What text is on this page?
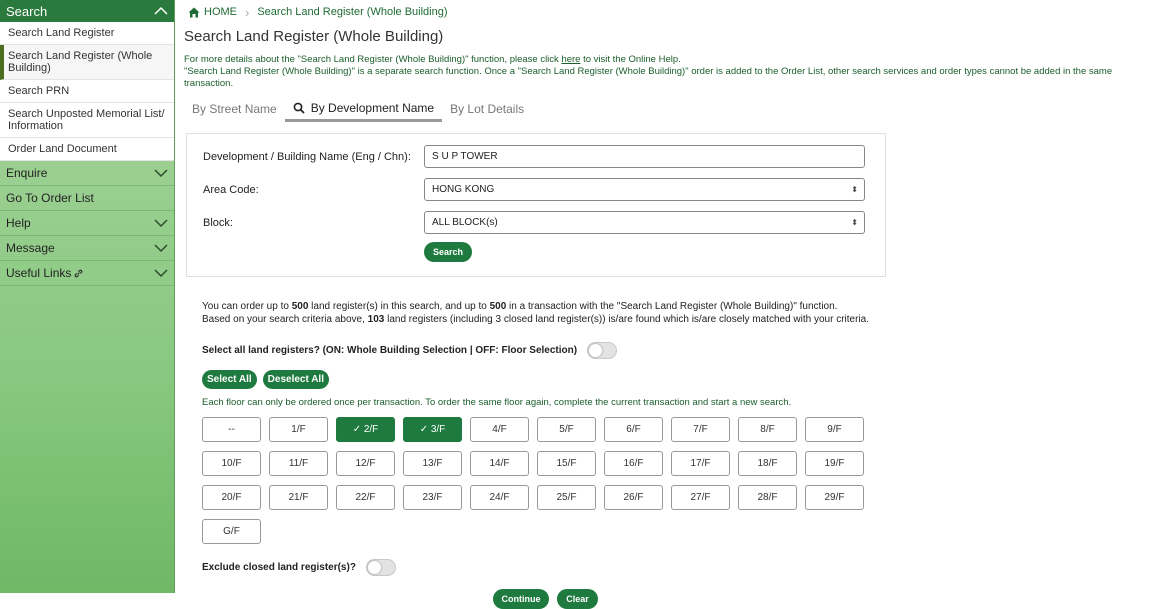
Search
Search Land Register
Search Land Register (Whole Building)
Search PRN
Search Unposted Memorial List/ Information
Order Land Document
Enquire
Go To Order List
Help
Message
Useful Links
HOME › Search Land Register (Whole Building)
Search Land Register (Whole Building)
For more details about the "Search Land Register (Whole Building)" function, please click here to visit the Online Help.
"Search Land Register (Whole Building)" is a separate search function. Once a "Search Land Register (Whole Building)" order is added to the Order List, other search services and order types cannot be added in the same transaction.
By Street Name	By Development Name	By Lot Details
Development / Building Name (Eng / Chn):	S U P TOWER
Area Code:	HONG KONG	⬍
Block:	ALL BLOCK(s)	⬍
Search
You can order up to 500 land register(s) in this search, and up to 500 in a transaction with the "Search Land Register (Whole Building)" function.
Based on your search criteria above, 103 land registers (including 3 closed land register(s)) is/are found which is/are closely matched with your criteria.
Select all land registers? (ON: Whole Building Selection | OFF: Floor Selection)
Select All	Deselect All
Each floor can only be ordered once per transaction. To order the same floor again, complete the current transaction and start a new search.
--	1/F	✓ 2/F	✓ 3/F	4/F	5/F	6/F	7/F	8/F	9/F
10/F	11/F	12/F	13/F	14/F	15/F	16/F	17/F	18/F	19/F
20/F	21/F	22/F	23/F	24/F	25/F	26/F	27/F	28/F	29/F
G/F
Exclude closed land register(s)?
Continue	Clear
